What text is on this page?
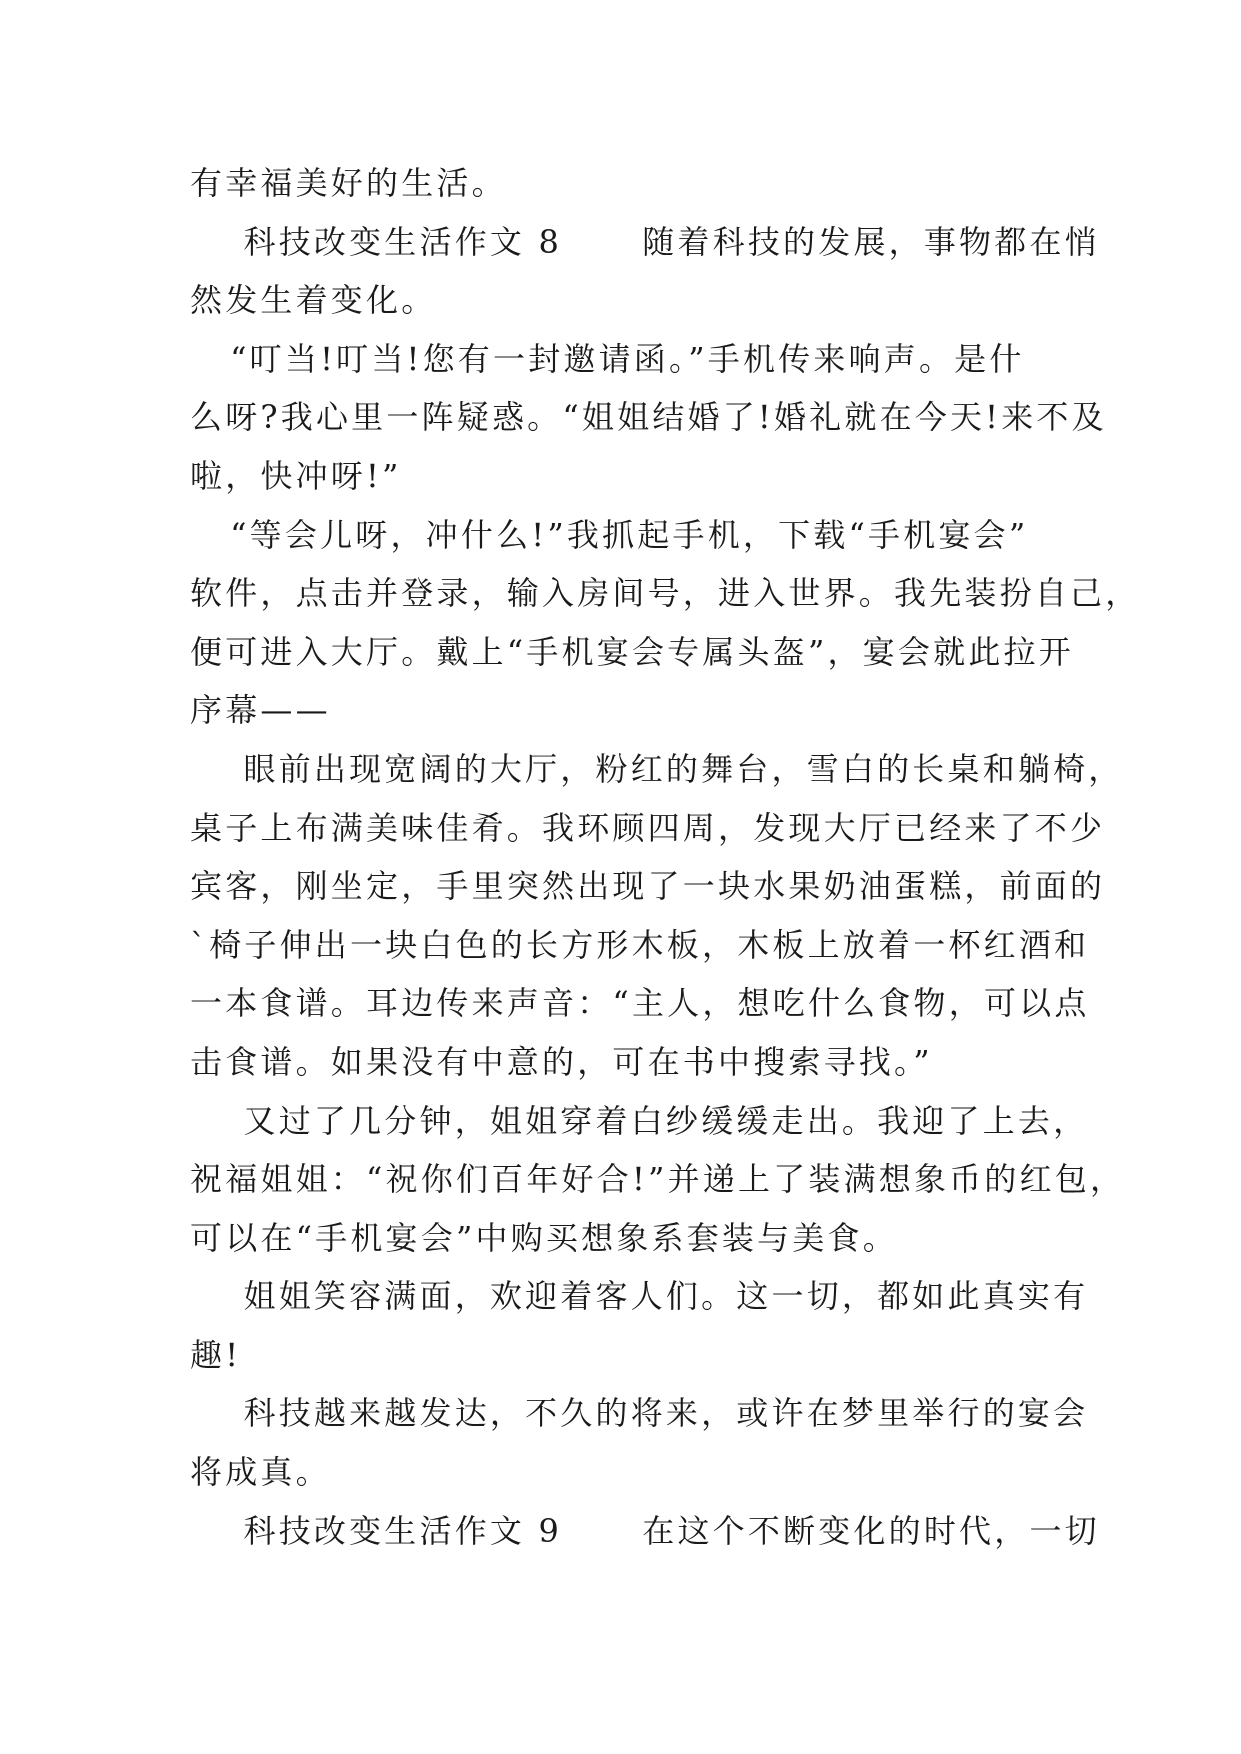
有幸福美好的生活。
科技改变生活作文 8      随着科技的发展，事物都在悄
然发生着变化。
“叮当!叮当!您有一封邀请函。”手机传来响声。是什
么呀?我心里一阵疑惑。“姐姐结婚了!婚礼就在今天!来不及
啦，快冲呀!”
“等会儿呀，冲什么!”我抓起手机，下载“手机宴会”
软件，点击并登录，输入房间号，进入世界。我先装扮自己，
便可进入大厅。戴上“手机宴会专属头盔”，宴会就此拉开
序幕——
眼前出现宽阔的大厅，粉红的舞台，雪白的长桌和躺椅，
桌子上布满美味佳肴。我环顾四周，发现大厅已经来了不少
宾客，刚坐定，手里突然出现了一块水果奶油蛋糕，前面的
`椅子伸出一块白色的长方形木板，木板上放着一杯红酒和
一本食谱。耳边传来声音：“主人，想吃什么食物，可以点
击食谱。如果没有中意的，可在书中搜索寻找。”
又过了几分钟，姐姐穿着白纱缓缓走出。我迎了上去，
祝福姐姐：“祝你们百年好合!”并递上了装满想象币的红包，
可以在“手机宴会”中购买想象系套装与美食。
姐姐笑容满面，欢迎着客人们。这一切，都如此真实有
趣!
科技越来越发达，不久的将来，或许在梦里举行的宴会
将成真。
科技改变生活作文 9      在这个不断变化的时代，一切
